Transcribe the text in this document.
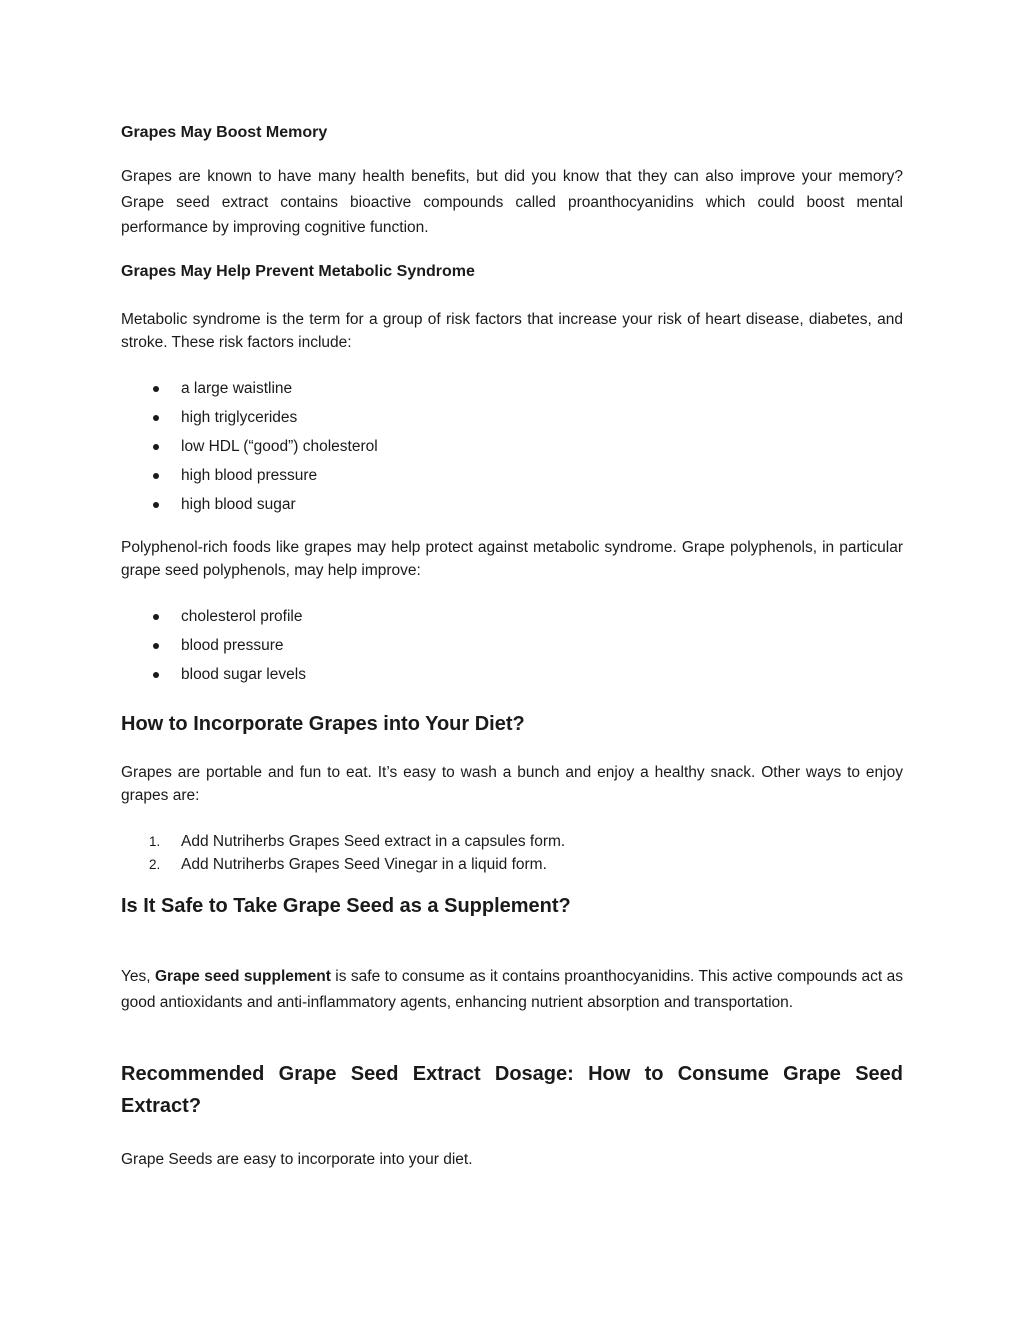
Grapes May Boost Memory

Grapes are known to have many health benefits, but did you know that they can also improve your memory? Grape seed extract contains bioactive compounds called proanthocyanidins which could boost mental performance by improving cognitive function.

Grapes May Help Prevent Metabolic Syndrome

Metabolic syndrome is the term for a group of risk factors that increase your risk of heart disease, diabetes, and stroke. These risk factors include:

a large waistline
high triglycerides
low HDL (“good”) cholesterol
high blood pressure
high blood sugar

Polyphenol-rich foods like grapes may help protect against metabolic syndrome. Grape polyphenols, in particular grape seed polyphenols, may help improve:

cholesterol profile
blood pressure
blood sugar levels
How to Incorporate Grapes into Your Diet?

Grapes are portable and fun to eat. It’s easy to wash a bunch and enjoy a healthy snack. Other ways to enjoy grapes are:

1. Add Nutriherbs Grapes Seed extract in a capsules form.
2. Add Nutriherbs Grapes Seed Vinegar in a liquid form.
Is It Safe to Take Grape Seed as a Supplement?

Yes, Grape seed supplement is safe to consume as it contains proanthocyanidins. This active compounds act as good antioxidants and anti-inflammatory agents, enhancing nutrient absorption and transportation.

Recommended Grape Seed Extract Dosage: How to Consume Grape Seed Extract?

Grape Seeds are easy to incorporate into your diet.
